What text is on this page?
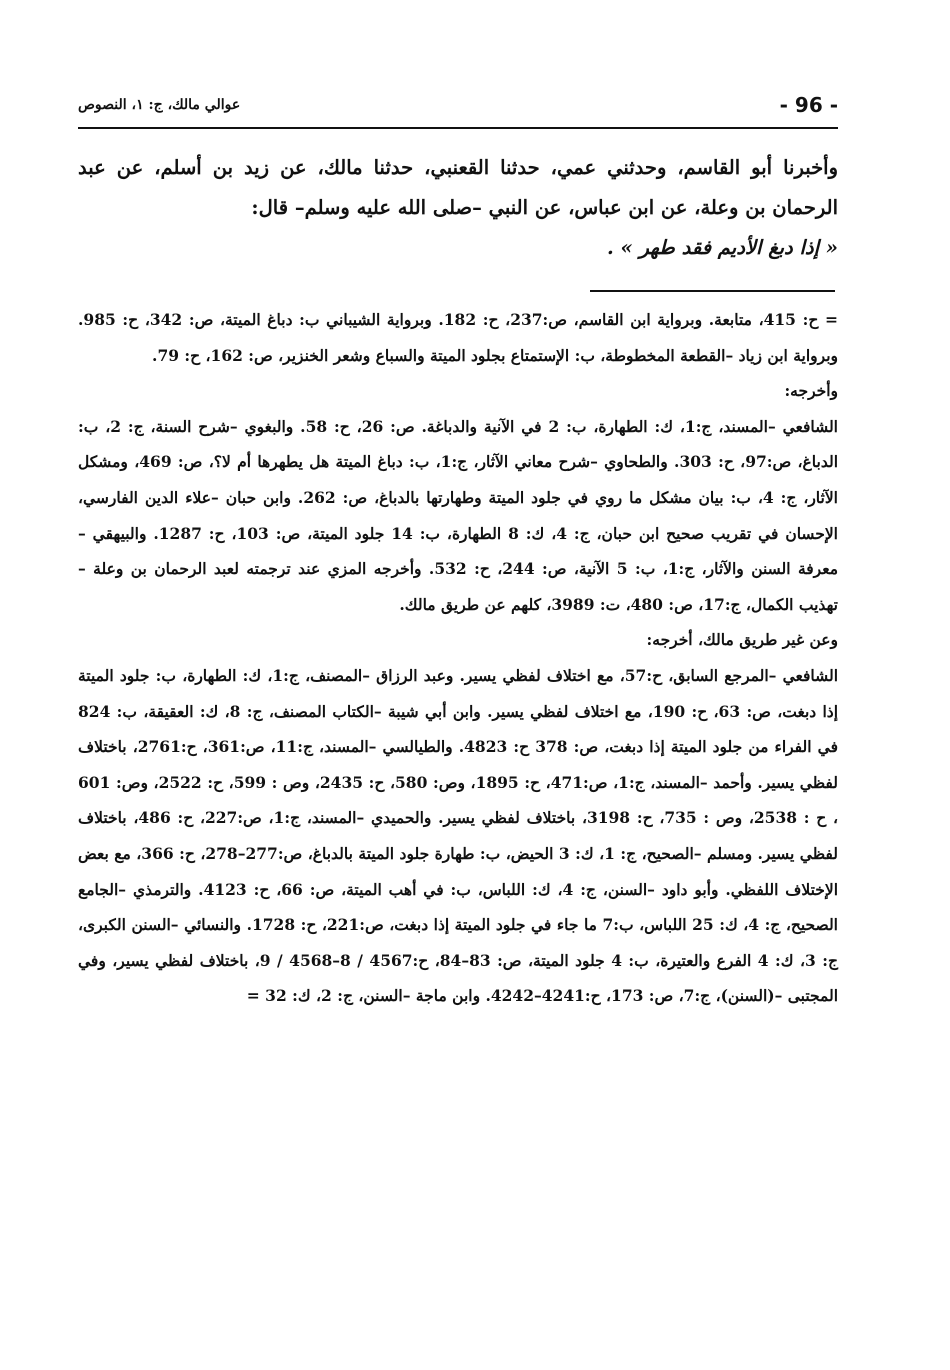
- 96 -
عوالي مالك، ج: ١، النصوص

وأخبرنا أبو القاسم، وحدثني عمي، حدثنا القعنبي، حدثنا مالك، عن زيد بن أسلم، عن عبد الرحمان بن وعلة، عن ابن عباس، عن النبي –صلى الله عليه وسلم– قال:

« إذا دبغ الأديم فقد طهر » .

= ح: 415، متابعة. وبرواية ابن القاسم، ص:237، ح: 182. وبرواية الشيباني ب: دباغ الميتة، ص: 342، ح: 985. وبرواية ابن زياد –القطعة المخطوطة، ب: الإستمتاع بجلود الميتة والسباع وشعر الخنزير، ص: 162، ح: 79.

وأخرجه:

الشافعي –المسند، ج:1، ك: الطهارة، ب: 2 في الآنية والدباغة. ص: 26، ح: 58. والبغوي –شرح السنة، ج: 2، ب: الدباغ، ص:97، ح: 303. والطحاوي –شرح معاني الآثار، ج:1، ب: دباغ الميتة هل يطهرها أم لا؟، ص: 469، ومشكل الآثار، ج: 4، ب: بيان مشكل ما روي في جلود الميتة وطهارتها بالدباغ، ص: 262. وابن حبان –علاء الدين الفارسي، الإحسان في تقريب صحيح ابن حبان، ج: 4، ك: 8 الطهارة، ب: 14 جلود الميتة، ص: 103، ح: 1287. والبيهقي –معرفة السنن والآثار، ج:1، ب: 5 الآنية، ص: 244، ح: 532. وأخرجه المزي عند ترجمته لعبد الرحمان بن وعلة –تهذيب الكمال، ج:17، ص: 480، ت: 3989، كلهم عن طريق مالك.

وعن غير طريق مالك، أخرجه:

الشافعي –المرجع السابق، ح:57، مع اختلاف لفظي يسير. وعبد الرزاق –المصنف، ج:1، ك: الطهارة، ب: جلود الميتة إذا دبغت، ص: 63، ح: 190، مع اختلاف لفظي يسير. وابن أبي شيبة –الكتاب المصنف، ج: 8، ك: العقيقة، ب: 824 في الفراء من جلود الميتة إذا دبغت، ص: 378 ح: 4823. والطيالسي –المسند، ج:11، ص:361، ح:2761، باختلاف لفظي يسير. وأحمد –المسند، ج:1، ص:471، ح: 1895، وص: 580، ح: 2435، وص : 599، ح: 2522، وص: 601 ، ح : 2538، وص : 735، ح: 3198، باختلاف لفظي يسير. والحميدي –المسند، ج:1، ص:227، ح: 486، باختلاف لفظي يسير. ومسلم –الصحيح، ج: 1، ك: 3 الحيض، ب: طهارة جلود الميتة بالدباغ، ص:277–278، ح: 366، مع بعض الإختلاف اللفظي. وأبو داود –السنن، ج: 4، ك: اللباس، ب: في أهب الميتة، ص: 66، ح: 4123. والترمذي –الجامع الصحيح، ج: 4، ك: 25 اللباس، ب:7 ما جاء في جلود الميتة إذا دبغت، ص:221، ح: 1728. والنسائي –السنن الكبرى، ج: 3، ك: 4 الفرع والعتيرة، ب: 4 جلود الميتة، ص: 83–84، ح:4567 / 8–4568 / 9، باختلاف لفظي يسير، وفي المجتبى –(السنن)، ج:7، ص: 173، ح:4241–4242. وابن ماجة –السنن، ج: 2، ك: 32 =
